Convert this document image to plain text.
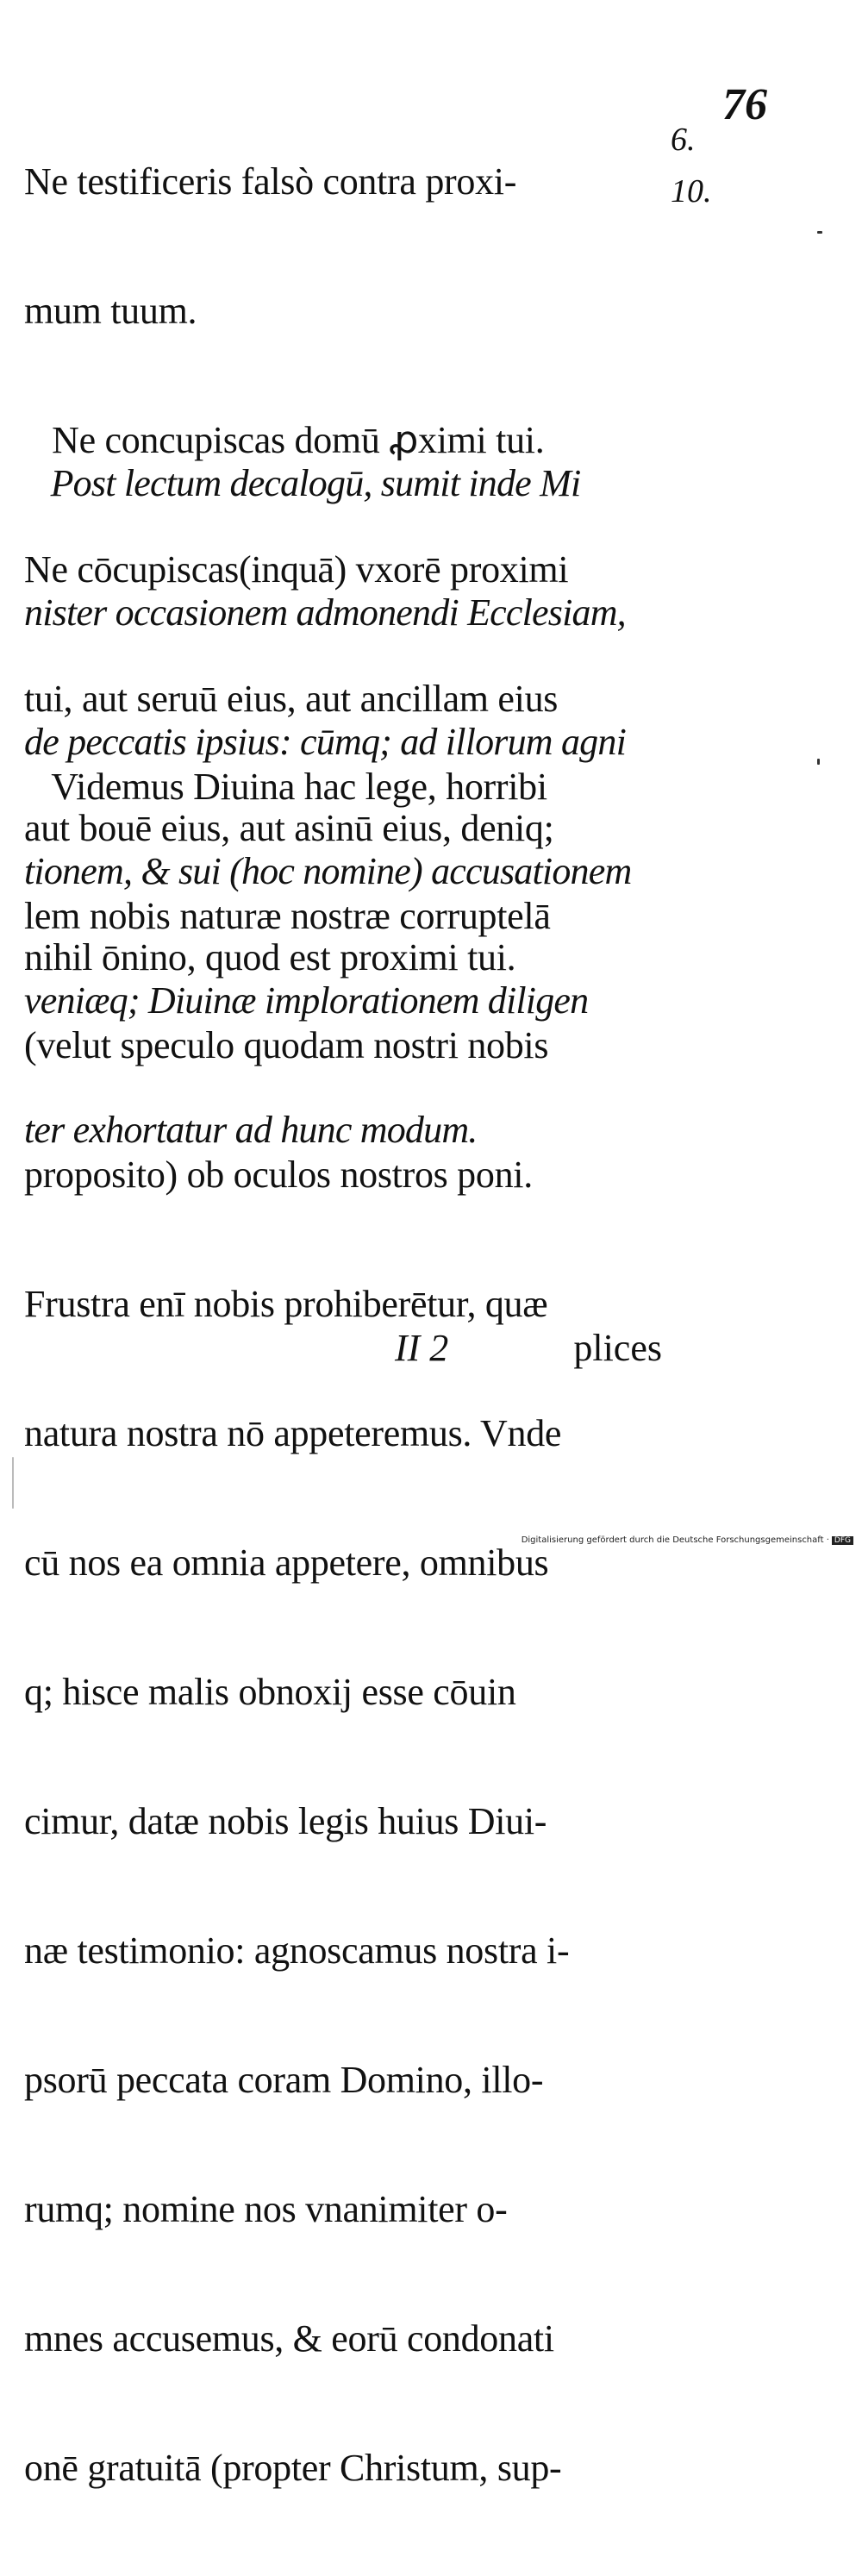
76
6.
10.

Ne testificeris falsò contra proxi-

mum tuum.

Ne concupiscas domū ꝓximi tui.

Ne cōcupiscas(inquā) vxorē proximi

tui, aut seruū eius, aut ancillam eius

aut bouē eius, aut asinū eius, deniq;

nihil ōnino, quod est proximi tui.

Post lectum decalogū, sumit inde Mi

nister occasionem admonendi Ecclesiam,

de peccatis ipsius: cūmq; ad illorum agni

tionem, & sui (hoc nomine) accusationem

veniæq; Diuinæ implorationem diligen

ter exhortatur ad hunc modum.

Videmus Diuina hac lege, horribi

lem nobis naturæ nostræ corruptelā

(velut speculo quodam nostri nobis

proposito) ob oculos nostros poni.

Frustra enī nobis prohiberētur, quæ

natura nostra nō appeteremus. Vnde

cū nos ea omnia appetere, omnibus

q; hisce malis obnoxij esse cōuin

cimur, datæ nobis legis huius Diui-

næ testimonio: agnoscamus nostra i-

psorū peccata coram Domino, illo-

rumq; nomine nos vnanimiter o-

mnes accusemus, & eorū condonati

onē gratuitā (propter Christum, sup-

II 2	plices
Digitalisierung gefördert durch die Deutsche Forschungsgemeinschaft · DFG
